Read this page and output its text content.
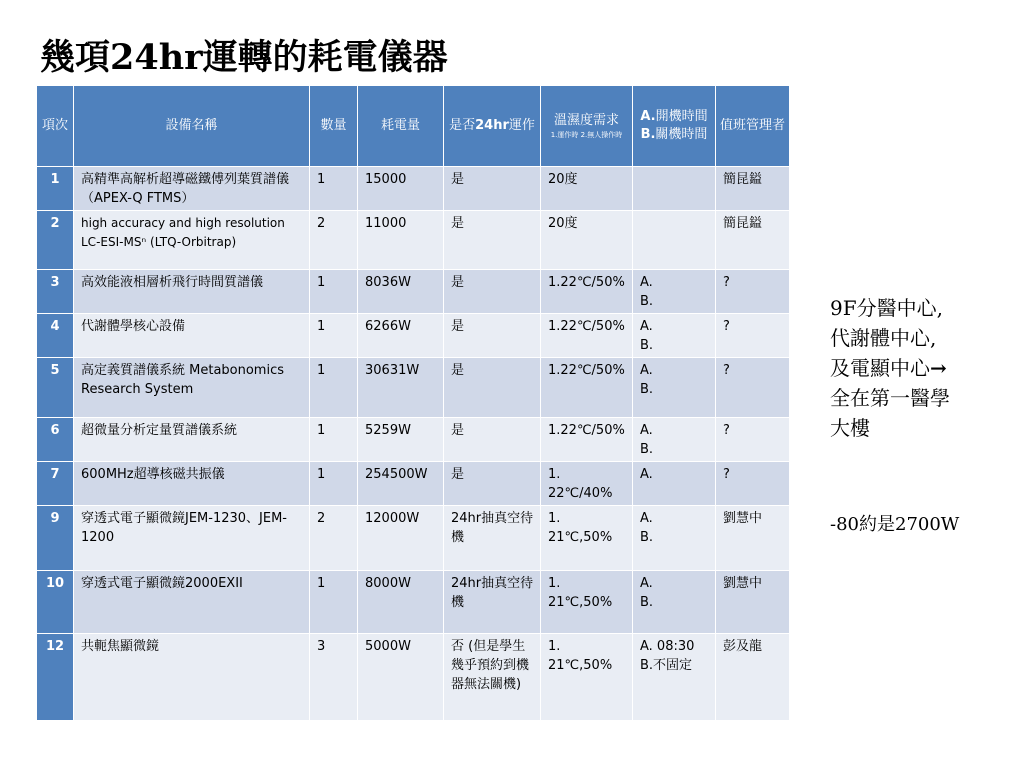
幾項24hr運轉的耗電儀器
項次	設備名稱	數量	耗電量	是否24hr運作	溫濕度需求
1.運作時 2.無人操作時	A.開機時間
B.關機時間	值班管理者
1	高精準高解析超導磁鐵傅列葉質譜儀（APEX-Q FTMS）	1	15000	是	20度		簡昆鎰
2	high accuracy and high resolution LC-ESI-MSⁿ (LTQ-Orbitrap)	2	11000	是	20度		簡昆鎰
3	高效能液相層析飛行時間質譜儀	1	8036W	是	1.22℃/50%	A.
B.	?
4	代謝體學核心設備	1	6266W	是	1.22℃/50%	A.
B.	?
5	高定義質譜儀系統 Metabonomics Research System	1	30631W	是	1.22℃/50%	A.
B.	?
6	超微量分析定量質譜儀系統	1	5259W	是	1.22℃/50%	A.
B.	?
7	600MHz超導核磁共振儀	1	254500W	是	1. 22℃/40%	A.	?
9	穿透式電子顯微鏡JEM-1230、JEM-1200	2	12000W	24hr抽真空待機	1. 21℃,50%	A.
B.	劉慧中
10	穿透式電子顯微鏡2000EXII	1	8000W	24hr抽真空待機	1. 21℃,50%	A.
B.	劉慧中
12	共軛焦顯微鏡	3	5000W	否 (但是學生幾乎預約到機器無法關機)	1. 21℃,50%	A. 08:30
B.不固定	彭及龍
9F分醫中心,
代謝體中心,
及電顯中心→
全在第一醫學
大樓
-80約是2700W
